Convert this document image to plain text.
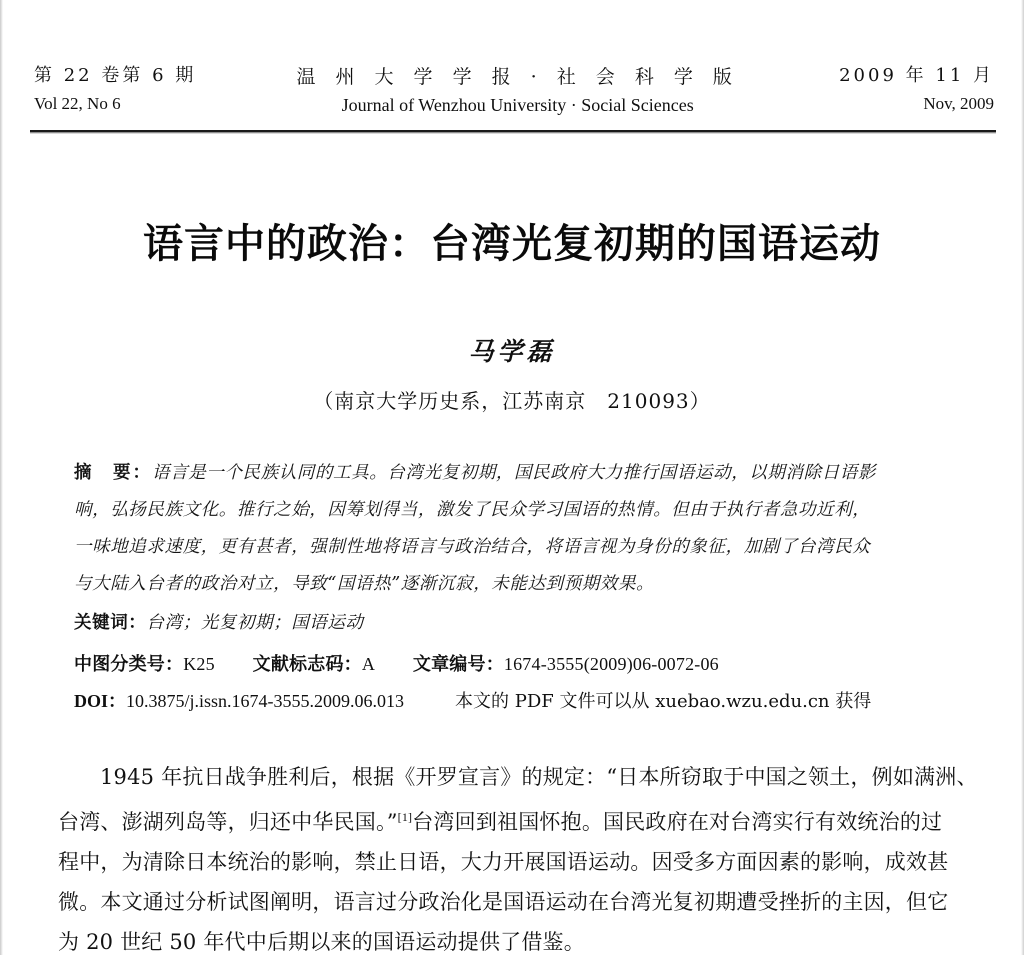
第 22 卷第 6 期
Vol 22, No 6
温 州 大 学 学 报 · 社 会 科 学 版
Journal of Wenzhou University · Social Sciences
2009 年 11 月
Nov, 2009
语言中的政治：台湾光复初期的国语运动
马学磊
（南京大学历史系，江苏南京　210093）
摘　要：语言是一个民族认同的工具。台湾光复初期，国民政府大力推行国语运动，以期消除日语影
响，弘扬民族文化。推行之始，因筹划得当，激发了民众学习国语的热情。但由于执行者急功近利，
一味地追求速度，更有甚者，强制性地将语言与政治结合，将语言视为身份的象征，加剧了台湾民众
与大陆入台者的政治对立，导致“国语热”逐渐沉寂，未能达到预期效果。
关键词：台湾；光复初期；国语运动
中图分类号：K25 文献标志码：A 文章编号：1674-3555(2009)06-0072-06
DOI：10.3875/j.issn.1674-3555.2009.06.013	本文的 PDF 文件可以从 xuebao.wzu.edu.cn 获得
1945 年抗日战争胜利后，根据《开罗宣言》的规定：“日本所窃取于中国之领土，例如满洲、
台湾、澎湖列岛等，归还中华民国。”[1]台湾回到祖国怀抱。国民政府在对台湾实行有效统治的过
程中，为清除日本统治的影响，禁止日语，大力开展国语运动。因受多方面因素的影响，成效甚
微。本文通过分析试图阐明，语言过分政治化是国语运动在台湾光复初期遭受挫折的主因，但它
为 20 世纪 50 年代中后期以来的国语运动提供了借鉴。
